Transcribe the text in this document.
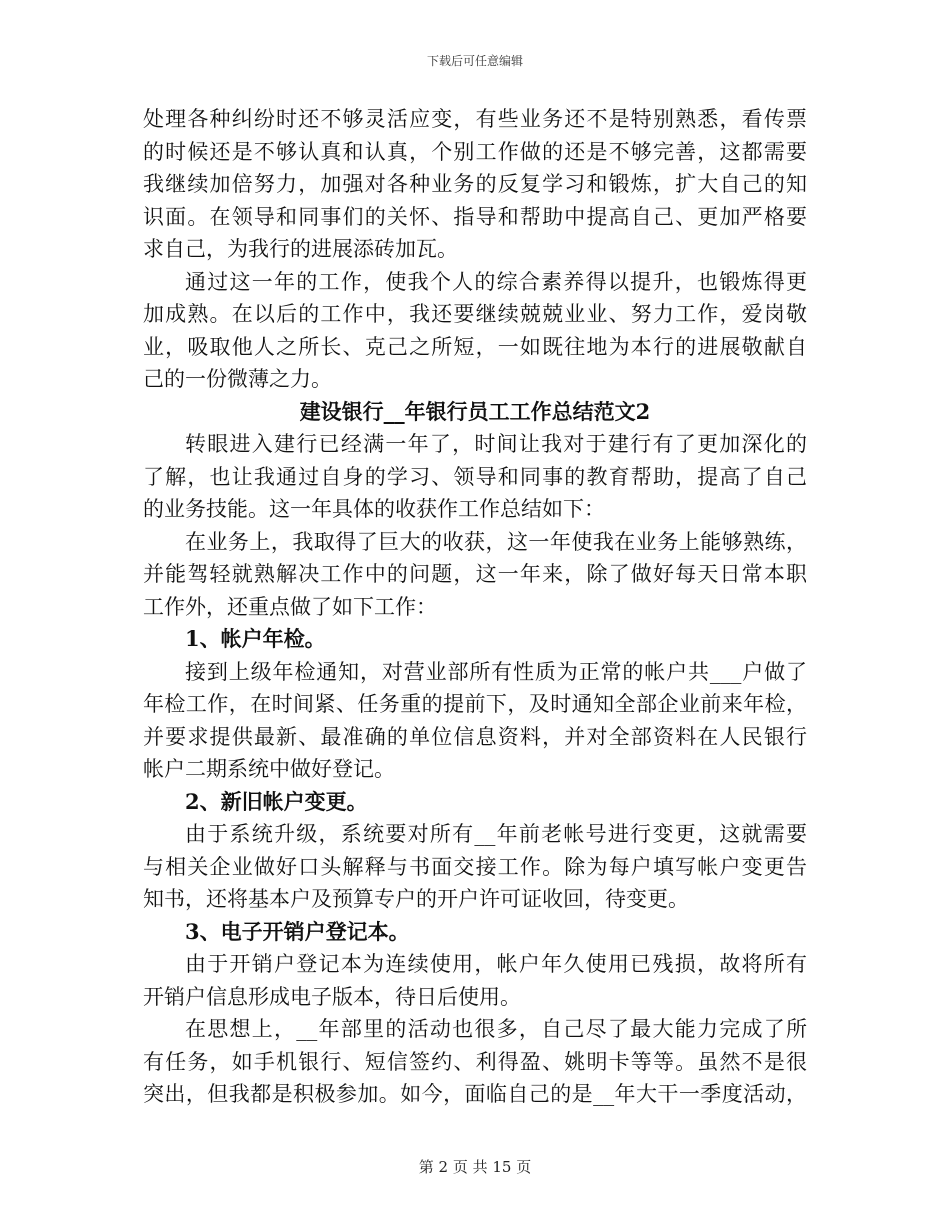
下载后可任意编辑
处理各种纠纷时还不够灵活应变，有些业务还不是特别熟悉，看传票
的时候还是不够认真和认真，个别工作做的还是不够完善，这都需要
我继续加倍努力，加强对各种业务的反复学习和锻炼，扩大自己的知
识面。在领导和同事们的关怀、指导和帮助中提高自己、更加严格要
求自己，为我行的进展添砖加瓦。
通过这一年的工作，使我个人的综合素养得以提升，也锻炼得更
加成熟。在以后的工作中，我还要继续兢兢业业、努力工作，爱岗敬
业，吸取他人之所长、克己之所短，一如既往地为本行的进展敬献自
己的一份微薄之力。
建设银行__年银行员工工作总结范文2
转眼进入建行已经满一年了，时间让我对于建行有了更加深化的
了解，也让我通过自身的学习、领导和同事的教育帮助，提高了自己
的业务技能。这一年具体的收获作工作总结如下：
在业务上，我取得了巨大的收获，这一年使我在业务上能够熟练，
并能驾轻就熟解决工作中的问题，这一年来，除了做好每天日常本职
工作外，还重点做了如下工作：
1、帐户年检。
接到上级年检通知，对营业部所有性质为正常的帐户共___户做了
年检工作，在时间紧、任务重的提前下，及时通知全部企业前来年检，
并要求提供最新、最准确的单位信息资料，并对全部资料在人民银行
帐户二期系统中做好登记。
2、新旧帐户变更。
由于系统升级，系统要对所有__年前老帐号进行变更，这就需要
与相关企业做好口头解释与书面交接工作。除为每户填写帐户变更告
知书，还将基本户及预算专户的开户许可证收回，待变更。
3、电子开销户登记本。
由于开销户登记本为连续使用，帐户年久使用已残损，故将所有
开销户信息形成电子版本，待日后使用。
在思想上，__年部里的活动也很多，自己尽了最大能力完成了所
有任务，如手机银行、短信签约、利得盈、姚明卡等等。虽然不是很
突出，但我都是积极参加。如今，面临自己的是__年大干一季度活动，
第 2 页 共 15 页
